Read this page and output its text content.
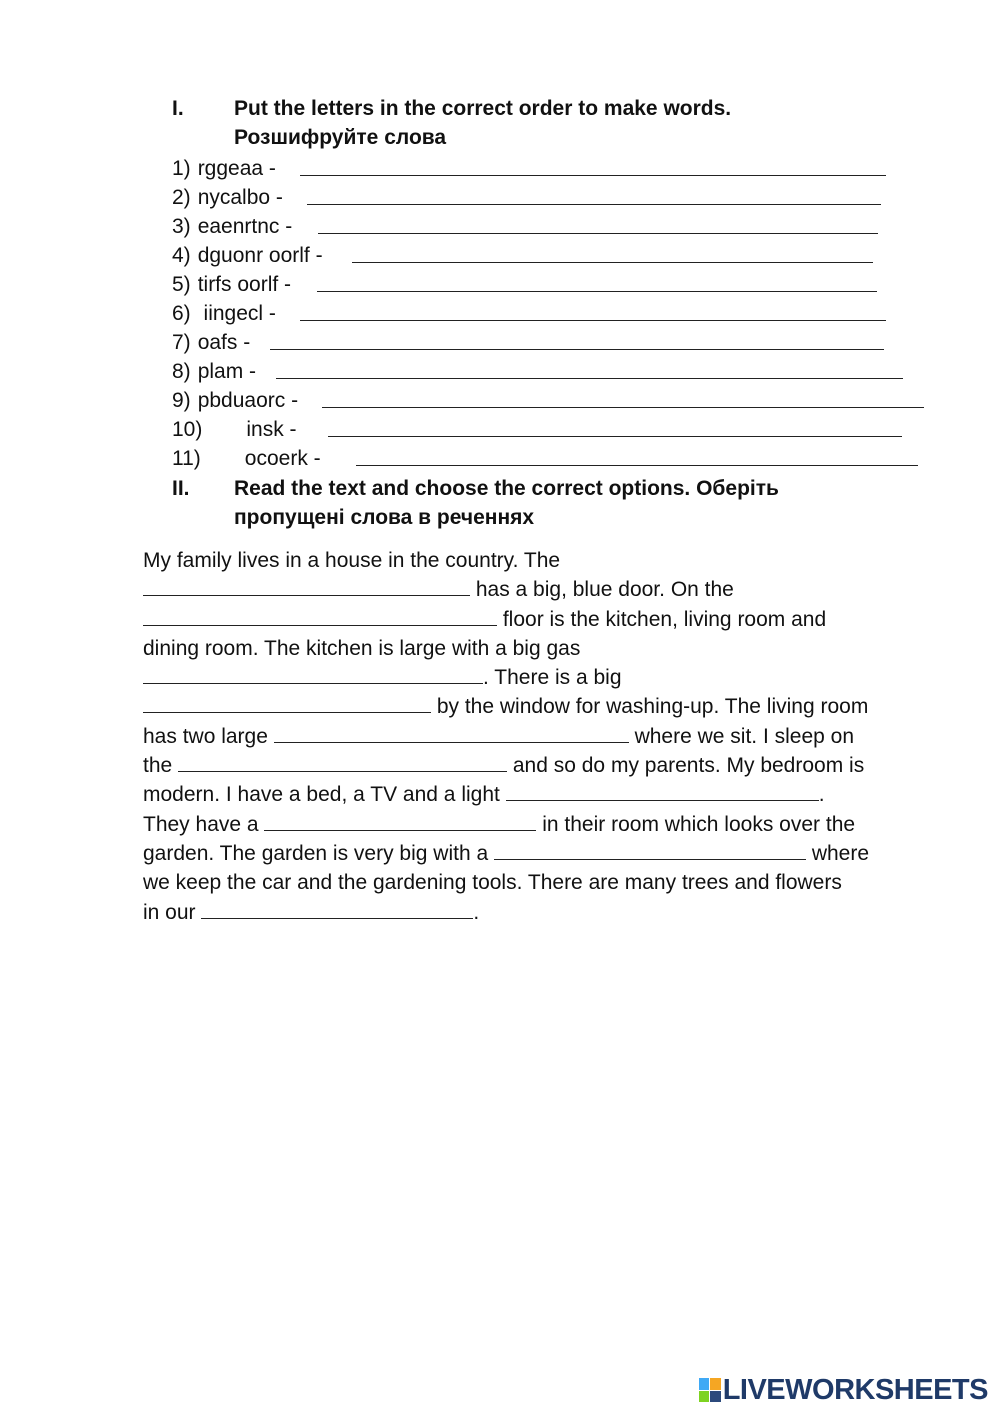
I. Put the letters in the correct order to make words.
Розшифруйте слова
1) rggeaa -
2) nycalbo -
3) eaenrtnc -
4) dguonr oorlf -
5) tirfs oorlf -
6) iingecl -
7) oafs -
8) plam -
9) pbduaorc -
10) insk -
11) ocoerk -
II. Read the text and choose the correct options. Оберіть пропущені слова в реченнях
My family lives in a house in the country. The
has a big, blue door. On the
floor is the kitchen, living room and
dining room. The kitchen is large with a big gas
. There is a big
by the window for washing-up. The living room
has two large	where we sit. I sleep on
the	and so do my parents. My bedroom is
modern. I have a bed, a TV and a light	.
They have a	in their room which looks over the
garden. The garden is very big with a	where
we keep the car and the gardening tools. There are many trees and flowers
in our	.
LIVEWORKSHEETS
